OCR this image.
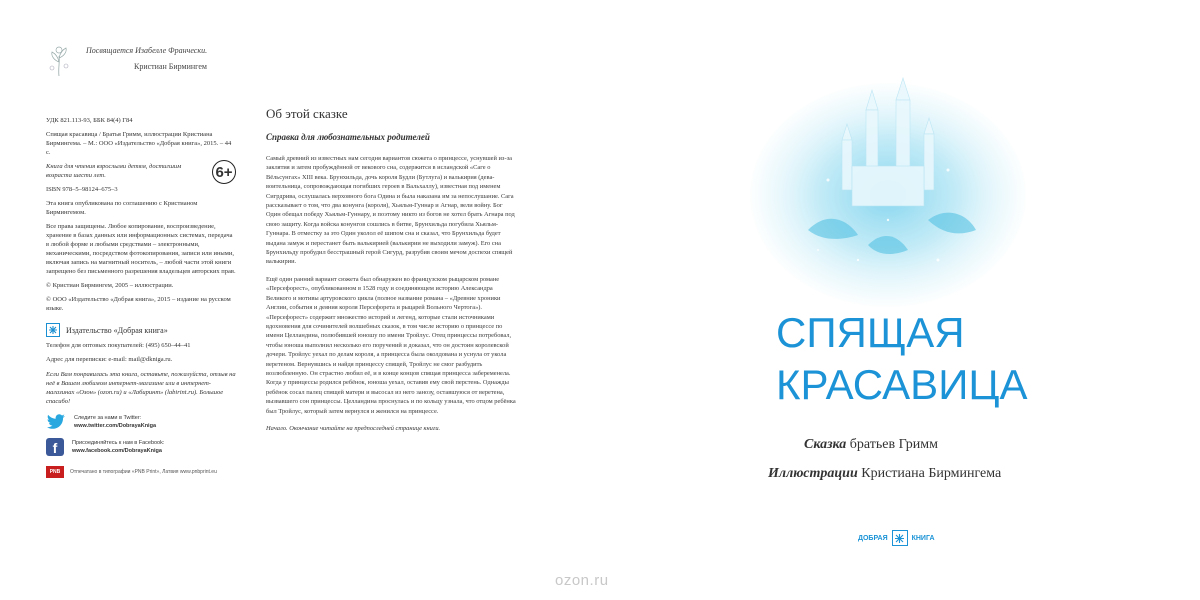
Посвящается Изабелле Франчески.
Кристиан Бирмингем

УДК 821.113-93, ББК 84(4) Г84

Спящая красавица / Братья Гримм, иллюстрации Кристиана Бирмингема. – М.: ООО «Издательство «Добрая книга», 2015. – 44 с.

Книга для чтения взрослыми детям, достигшим возраста шести лет.	6+

ISBN 978–5–98124–675–3

Эта книга опубликована по соглашению с Кристианом Бирмингемом.

Все права защищены. Любое копирование, воспроизведение, хранение в базах данных или информационных системах, передача в любой форме и любыми средствами – электронными, механическими, посредством фотокопирования, записи или иными, включая запись на магнитный носитель, – любой части этой книги запрещено без письменного разрешения владельцев авторских прав.

© Кристиан Бирмингем, 2005 – иллюстрации.

© ООО «Издательство «Добрая книга», 2015 – издание на русском языке.

Издательство «Добрая книга»

Телефон для оптовых покупателей: (495) 650–44–41

Адрес для переписки: e-mail: mail@dkniga.ru.

Если Вам понравилась эта книга, оставьте, пожалуйста, отзыв на неё в Вашем любимом интернет-магазине или в интернет-магазинах «Озон» (ozon.ru) и «Лабиринт» (labirint.ru). Большое спасибо!

Следите за нами в Twitter:
www.twitter.com/DobrayaKniga
f	Присоединяйтесь к нам в Facebook:
www.facebook.com/DobrayaKniga
PNB	Отпечатано в типографии «PNB Print», Латвия www.pnbprint.eu
Об этой сказке
Справка для любознательных родителей

Самый древний из известных нам сегодня вариантов сюжета о принцессе, уснувшей из-за заклятия и затем пробуждённой от векового сна, содержится в исландской «Саге о Вёльсунгах» XIII века. Брунхильда, дочь короля Будли (Бутлуга) и валькирия (дева-воительница, сопровождающая погибших героев в Вальхаллу), известная под именем Сигрдрива, ослушалась верховного бога Одина и была наказана им за непослушание. Сага рассказывает о том, что два конунга (короля), Хьяльм-Гуннар и Агнар, вели войну. Бог Один обещал победу Хьяльм-Гуннару, и поэтому никто из богов не хотел брать Агнара под свою защиту. Когда войска конунгов сошлись в битве, Брунхильда погубила Хьяльм-Гуннара. В отместку за это Один уколол её шипом сна и сказал, что Брунхильда будет выдана замуж и перестанет быть валькирией (валькирии не выходили замуж). Его сна Брунхильду пробудил бесстрашный герой Сигурд, разрубив своим мечом доспехи спящей валькирии.

Ещё один ранний вариант сюжета был обнаружен во французском рыцарском романе «Персефорест», опубликованном в 1528 году и соединяющем историю Александра Великого и мотивы артуровского цикла (полное название романа – «Древние хроники Англии, события и деяния короля Персефорета и рыцарей Вольного Чертога»). «Персефорест» содержит множество историй и легенд, которые стали источниками вдохновения для сочинителей волшебных сказок, в том числе историю о принцессе по имени Целландина, полюбившей юношу по имени Тройлус. Отец принцессы потребовал, чтобы юноша выполнил несколько его поручений и доказал, что он достоин королевской дочери. Тройлус уехал по делам короля, а принцесса была околдована и уснула от укола веретеном. Вернувшись и найдя принцессу спящей, Тройлус не смог разбудить возлюбленную. Он страстно любил её, и в конце концов спящая принцесса забеременела. Когда у принцессы родился ребёнок, юноша уехал, оставив ему свой перстень. Однажды ребёнок сосал палец спящей матери и высосал из него занозу, оставшуюся от веретена, вызвавшего сон принцессы. Целландина проснулась и по кольцу узнала, что отцом ребёнка был Тройлус, который затем вернулся и женился на принцессе.

Начало. Окончание читайте на предпоследней странице книги.

СПЯЩАЯ

КРАСАВИЦА
Сказка братьев Гримм
Иллюстрации Кристиана Бирмингема
ДОБРАЯ	КНИГА
ozon.ru
